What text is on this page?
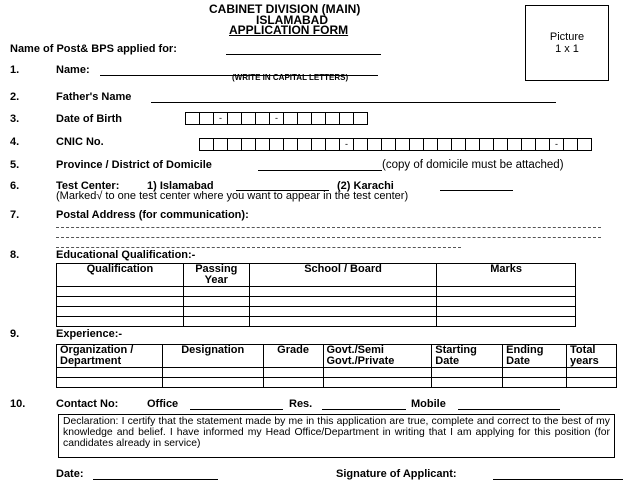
CABINET DIVISION (MAIN)
ISLAMABAD
APPLICATION FORM	Picture
1 x 1
Name of Post& BPS applied for:
1.	Name:
(WRITE IN CAPITAL LETTERS)
2.	Father's Name
3.	Date of Birth	-	-
4.	CNIC No.	-	-
5.	Province / District of Domicile	(copy of domicile must be attached)
6.	Test Center:	1) Islamabad	(2) Karachi
(Marked√ to one test center where you want to appear in the test center)
7.	Postal Address (for communication):
8.	Educational Qualification:-
Qualification	Passing Year	School / Board	Marks

9.	Experience:-
Organization / Department	Designation	Grade	Govt./Semi Govt./Private	Starting Date	Ending Date	Total years

10.	Contact No:	Office	Res.	Mobile
Declaration: I certify that the statement made by me in this application are true, complete and correct to the best of my knowledge and belief. I have informed my Head Office/Department in writing that I am applying for this position (for candidates already in service)
Date:	Signature of Applicant:
